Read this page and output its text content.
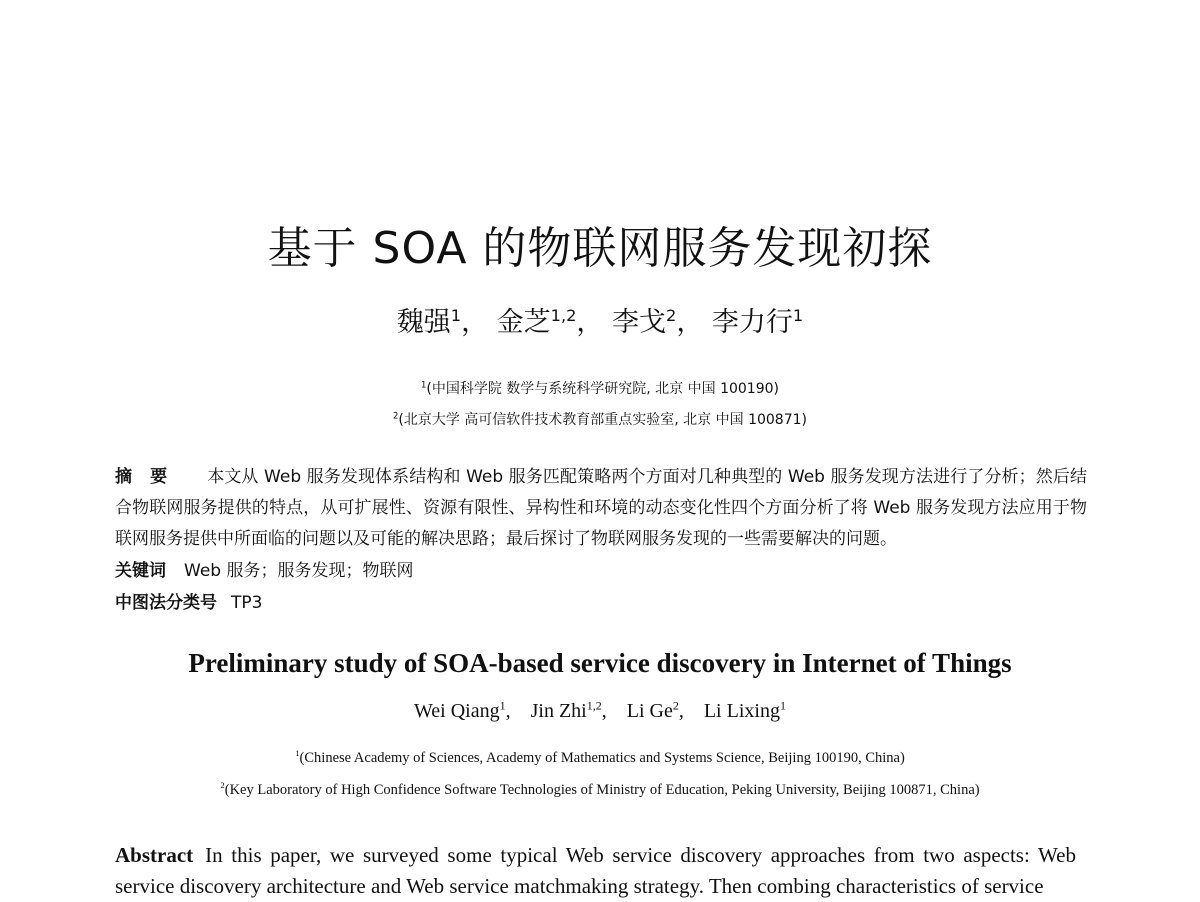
基于 SOA 的物联网服务发现初探
魏强$^1$， 金芝$^{1,2}$， 李戈$^2$， 李力行$^1$
$^1$(中国科学院 数学与系统科学研究院, 北京 中国 100190)
$^2$(北京大学 高可信软件技术教育部重点实验室, 北京 中国 100871)
摘要 本文从 Web 服务发现体系结构和 Web 服务匹配策略两个方面对几种典型的 Web 服务发现方法进行了分析；然后结合物联网服务提供的特点，从可扩展性、资源有限性、异构性和环境的动态变化性四个方面分析了将 Web 服务发现方法应用于物联网服务提供中所面临的问题以及可能的解决思路；最后探讨了物联网服务发现的一些需要解决的问题。
关键词 Web 服务；服务发现；物联网
中图法分类号 TP3
Preliminary study of SOA-based service discovery in Internet of Things
Wei Qiang$^1$, Jin Zhi$^{1,2}$, Li Ge$^2$, Li Lixing$^1$
$^1$(Chinese Academy of Sciences, Academy of Mathematics and Systems Science, Beijing 100190, China)
$^2$(Key Laboratory of High Confidence Software Technologies of Ministry of Education, Peking University, Beijing 100871, China)
Abstract In this paper, we surveyed some typical Web service discovery approaches from two aspects: Web service discovery architecture and Web service matchmaking strategy. Then combing characteristics of service
